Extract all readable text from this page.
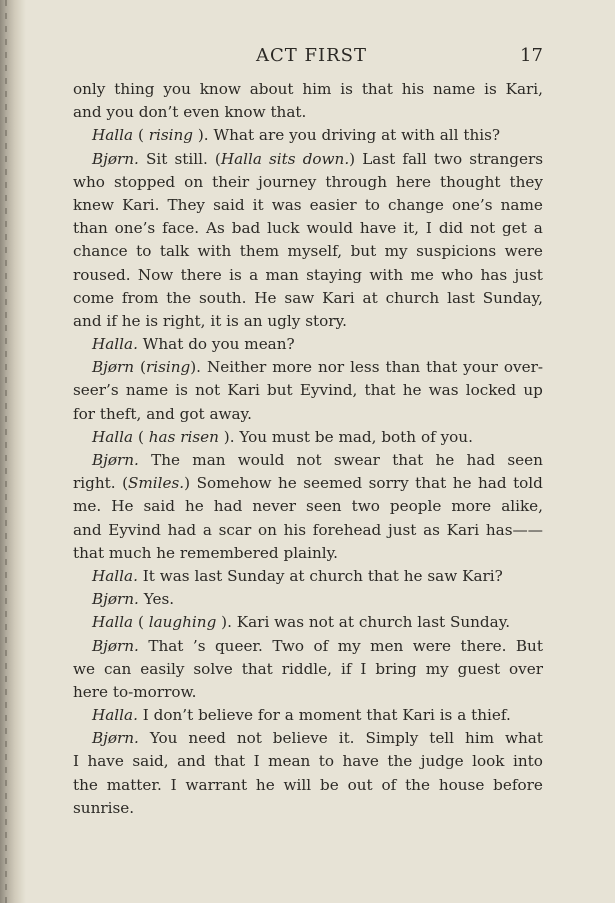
ACT FIRST	17
only thing you know about him is that his name is Kari,
and you don’t even know that.
Halla ( rising ). What are you driving at with all this?
Bjørn. Sit still. (Halla sits down.) Last fall two strangers
who stopped on their journey through here thought they
knew Kari. They said it was easier to change one’s name
than one’s face. As bad luck would have it, I did not get a
chance to talk with them myself, but my suspicions were
roused. Now there is a man staying with me who has just
come from the south. He saw Kari at church last Sunday,
and if he is right, it is an ugly story.
Halla. What do you mean?
Bjørn (rising). Neither more nor less than that your over-
seer’s name is not Kari but Eyvind, that he was locked up
for theft, and got away.
Halla ( has risen ). You must be mad, both of you.
Bjørn. The man would not swear that he had seen
right. (Smiles.) Somehow he seemed sorry that he had told
me. He said he had never seen two people more alike,
and Eyvind had a scar on his forehead just as Kari has——
that much he remembered plainly.
Halla. It was last Sunday at church that he saw Kari?
Bjørn. Yes.
Halla ( laughing ). Kari was not at church last Sunday.
Bjørn. That ’s queer. Two of my men were there. But
we can easily solve that riddle, if I bring my guest over
here to-morrow.
Halla. I don’t believe for a moment that Kari is a thief.
Bjørn. You need not believe it. Simply tell him what
I have said, and that I mean to have the judge look into
the matter. I warrant he will be out of the house before
sunrise.
